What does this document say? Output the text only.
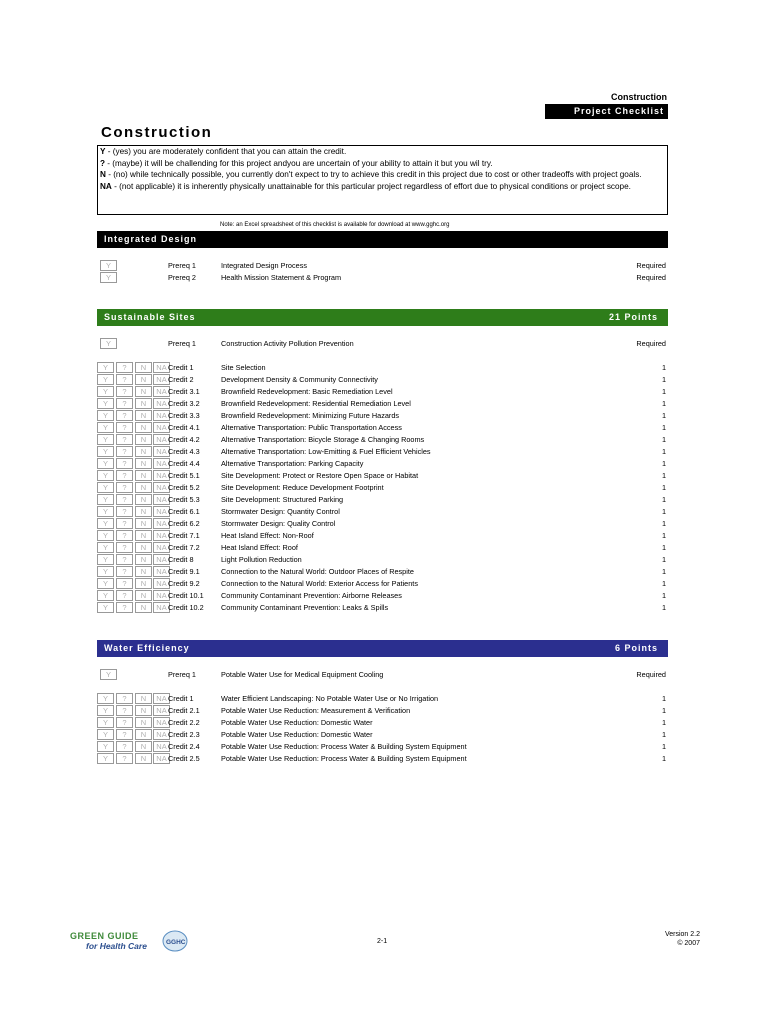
Construction
Project Checklist
Construction
Y - (yes) you are moderately confident that you can attain the credit.
? - (maybe) it will be challending for this project andyou are uncertain of your ability to attain it but you wil try.
N - (no) while technically possible, you currently don't expect to try to achieve this credit in this project due to cost or other tradeoffs with project goals.
NA - (not applicable) it is inherently physically unattainable for this particular project regardless of effort due to physical conditions or project scope.
Note: an Excel spreadsheet of this checklist is available for download at www.gghc.org
Integrated Design
Y	Prereq 1	Integrated Design Process	Required
Y	Prereq 2	Health Mission Statement & Program	Required
Sustainable Sites	21 Points
Y	Prereq 1	Construction Activity Pollution Prevention	Required
Y	?	N	NA Credit 1	Site Selection	1
Y	?	N	NA Credit 2	Development Density & Community Connectivity	1
Y	?	N	NA Credit 3.1	Brownfield Redevelopment: Basic Remediation Level	1
Y	?	N	NA Credit 3.2	Brownfield Redevelopment: Residential Remediation Level	1
Y	?	N	NA Credit 3.3	Brownfield Redevelopment: Minimizing Future Hazards	1
Y	?	N	NA Credit 4.1	Alternative Transportation: Public Transportation Access	1
Y	?	N	NA Credit 4.2	Alternative Transportation: Bicycle Storage & Changing Rooms	1
Y	?	N	NA Credit 4.3	Alternative Transportation: Low-Emitting & Fuel Efficient Vehicles	1
Y	?	N	NA Credit 4.4	Alternative Transportation: Parking Capacity	1
Y	?	N	NA Credit 5.1	Site Development: Protect or Restore Open Space or Habitat	1
Y	?	N	NA Credit 5.2	Site Development: Reduce Development Footprint	1
Y	?	N	NA Credit 5.3	Site Development: Structured Parking	1
Y	?	N	NA Credit 6.1	Stormwater Design: Quantity Control	1
Y	?	N	NA Credit 6.2	Stormwater Design: Quality Control	1
Y	?	N	NA Credit 7.1	Heat Island Effect: Non-Roof	1
Y	?	N	NA Credit 7.2	Heat Island Effect: Roof	1
Y	?	N	NA Credit 8	Light Pollution Reduction	1
Y	?	N	NA Credit 9.1	Connection to the Natural World: Outdoor Places of Respite	1
Y	?	N	NA Credit 9.2	Connection to the Natural World: Exterior Access for Patients	1
Y	?	N	NA Credit 10.1 Community Contaminant Prevention: Airborne Releases	1
Y	?	N	NA Credit 10.2 Community Contaminant Prevention: Leaks & Spills	1
Water Efficiency	6 Points
Y	Prereq 1	Potable Water Use for Medical Equipment Cooling	Required
Y	?	N	NA Credit 1	Water Efficient Landscaping: No Potable Water Use or No Irrigation	1
Y	?	N	NA Credit 2.1	Potable Water Use Reduction: Measurement & Verification	1
Y	?	N	NA Credit 2.2	Potable Water Use Reduction: Domestic Water	1
Y	?	N	NA Credit 2.3	Potable Water Use Reduction: Domestic Water	1
Y	?	N	NA Credit 2.4	Potable Water Use Reduction: Process Water & Building System Equipment	1
Y	?	N	NA Credit 2.5	Potable Water Use Reduction: Process Water & Building System Equipment	1
GREEN GUIDE
for Health Care	GGHC	2-1
Version 2.2
© 2007
